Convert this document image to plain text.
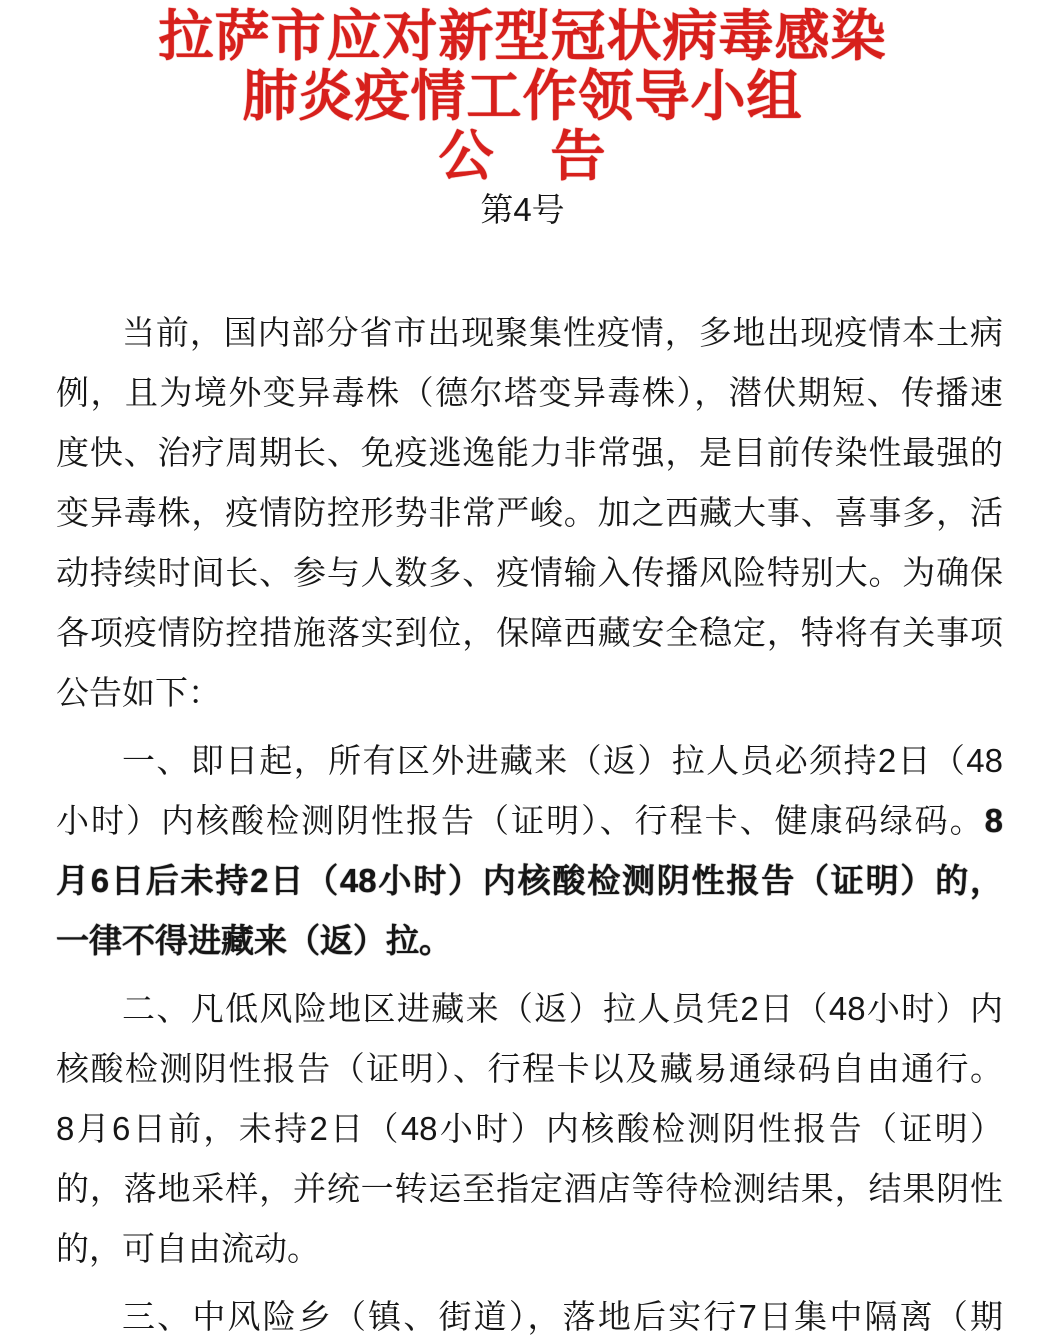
拉萨市应对新型冠状病毒感染
肺炎疫情工作领导小组
公　告
第4号
当前，国内部分省市出现聚集性疫情，多地出现疫情本土病
例，且为境外变异毒株（德尔塔变异毒株），潜伏期短、传播速
度快、治疗周期长、免疫逃逸能力非常强，是目前传染性最强的
变异毒株，疫情防控形势非常严峻。加之西藏大事、喜事多，活
动持续时间长、参与人数多、疫情输入传播风险特别大。为确保
各项疫情防控措施落实到位，保障西藏安全稳定，特将有关事项
公告如下：
一、即日起，所有区外进藏来（返）拉人员必须持2日（48
小时）内核酸检测阴性报告（证明）、行程卡、健康码绿码。8
月6日后未持2日（48小时）内核酸检测阴性报告（证明）的，
一律不得进藏来（返）拉。
二、凡低风险地区进藏来（返）拉人员凭2日（48小时）内
核酸检测阴性报告（证明）、行程卡以及藏易通绿码自由通行。
8月6日前，未持2日（48小时）内核酸检测阴性报告（证明）
的，落地采样，并统一转运至指定酒店等待检测结果，结果阴性
的，可自由流动。
三、中风险乡（镇、街道），落地后实行7日集中隔离（期
